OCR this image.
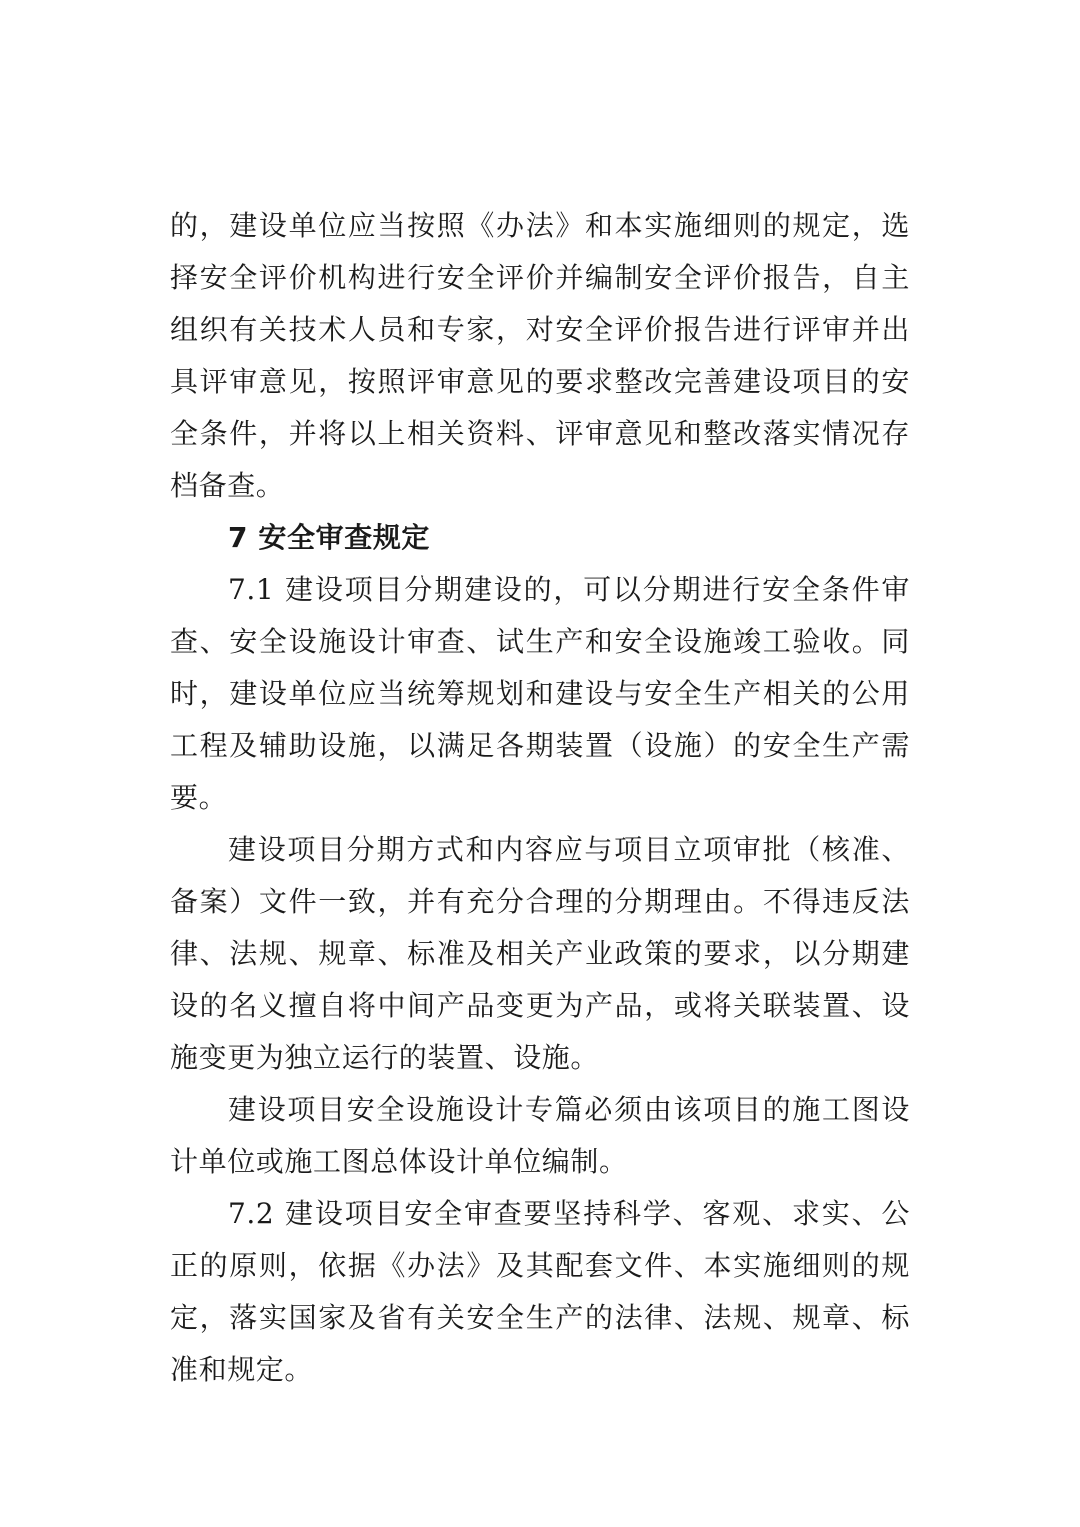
的，建设单位应当按照《办法》和本实施细则的规定，选择安全评价机构进行安全评价并编制安全评价报告，自主组织有关技术人员和专家，对安全评价报告进行评审并出具评审意见，按照评审意见的要求整改完善建设项目的安全条件，并将以上相关资料、评审意见和整改落实情况存档备查。

7 安全审查规定

7.1 建设项目分期建设的，可以分期进行安全条件审查、安全设施设计审查、试生产和安全设施竣工验收。同时，建设单位应当统筹规划和建设与安全生产相关的公用工程及辅助设施，以满足各期装置（设施）的安全生产需要。

建设项目分期方式和内容应与项目立项审批（核准、备案）文件一致，并有充分合理的分期理由。不得违反法律、法规、规章、标准及相关产业政策的要求，以分期建设的名义擅自将中间产品变更为产品，或将关联装置、设施变更为独立运行的装置、设施。

建设项目安全设施设计专篇必须由该项目的施工图设计单位或施工图总体设计单位编制。

7.2 建设项目安全审查要坚持科学、客观、求实、公正的原则，依据《办法》及其配套文件、本实施细则的规定，落实国家及省有关安全生产的法律、法规、规章、标准和规定。
